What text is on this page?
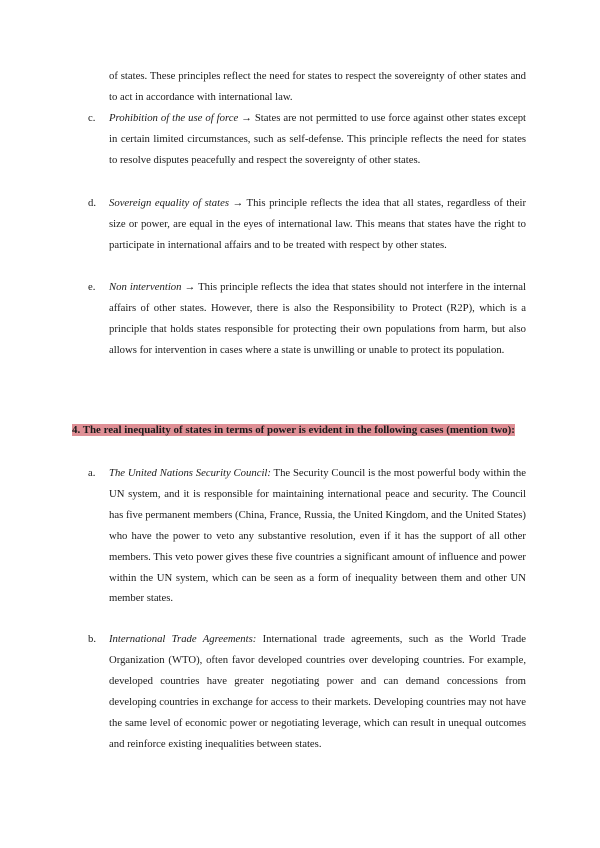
of states. These principles reflect the need for states to respect the sovereignty of other states and to act in accordance with international law.

c. Prohibition of the use of force → States are not permitted to use force against other states except in certain limited circumstances, such as self-defense. This principle reflects the need for states to resolve disputes peacefully and respect the sovereignty of other states.

d. Sovereign equality of states → This principle reflects the idea that all states, regardless of their size or power, are equal in the eyes of international law. This means that states have the right to participate in international affairs and to be treated with respect by other states.

e. Non intervention → This principle reflects the idea that states should not interfere in the internal affairs of other states. However, there is also the Responsibility to Protect (R2P), which is a principle that holds states responsible for protecting their own populations from harm, but also allows for intervention in cases where a state is unwilling or unable to protect its population.

4. The real inequality of states in terms of power is evident in the following cases (mention two):

a. The United Nations Security Council: The Security Council is the most powerful body within the UN system, and it is responsible for maintaining international peace and security. The Council has five permanent members (China, France, Russia, the United Kingdom, and the United States) who have the power to veto any substantive resolution, even if it has the support of all other members. This veto power gives these five countries a significant amount of influence and power within the UN system, which can be seen as a form of inequality between them and other UN member states.

b. International Trade Agreements: International trade agreements, such as the World Trade Organization (WTO), often favor developed countries over developing countries. For example, developed countries have greater negotiating power and can demand concessions from developing countries in exchange for access to their markets. Developing countries may not have the same level of economic power or negotiating leverage, which can result in unequal outcomes and reinforce existing inequalities between states.
